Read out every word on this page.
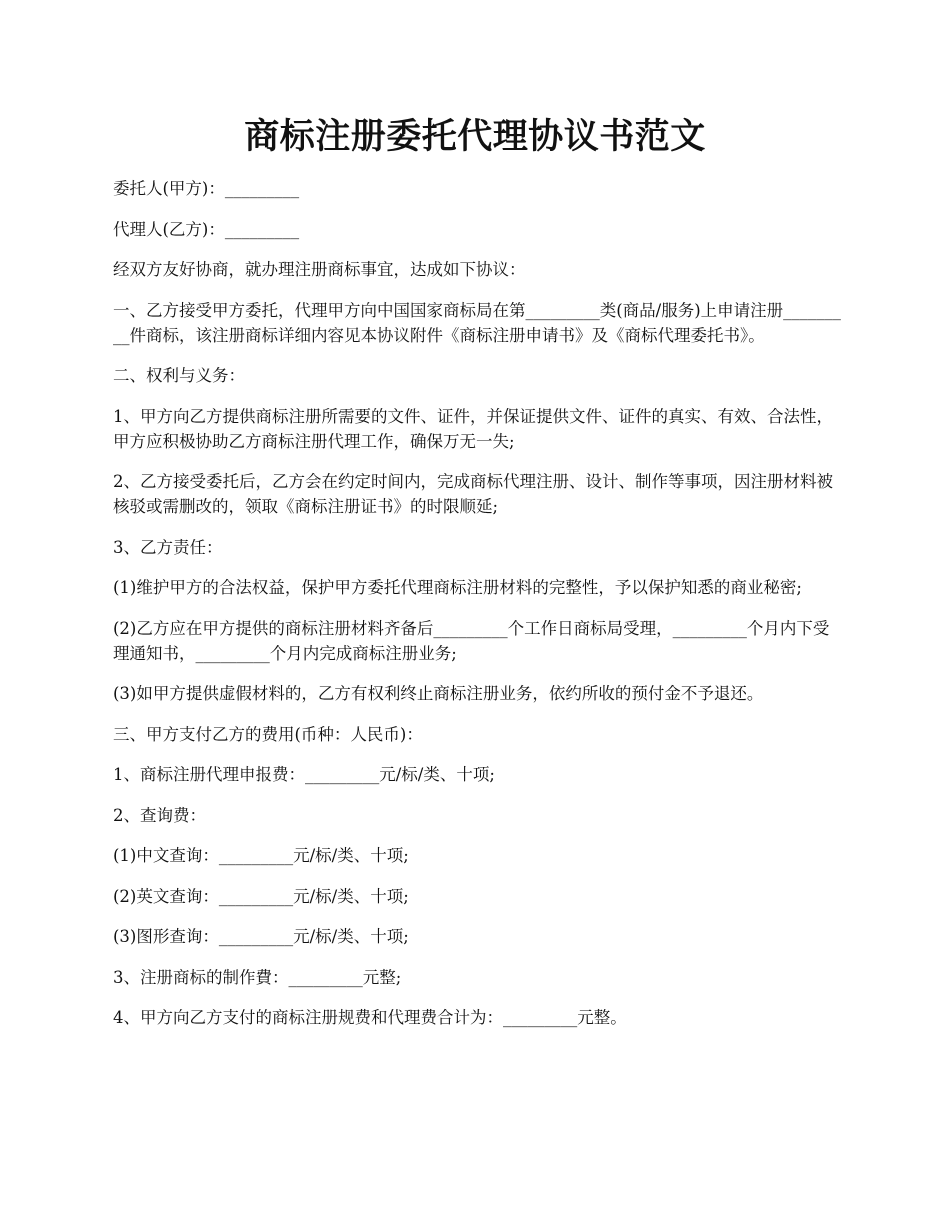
商标注册委托代理协议书范文

委托人(甲方)：_________

代理人(乙方)：_________

经双方友好协商，就办理注册商标事宜，达成如下协议：

一、乙方接受甲方委托，代理甲方向中国国家商标局在第_________类(商品/服务)上申请注册_________件商标，该注册商标详细内容见本协议附件《商标注册申请书》及《商标代理委托书》。

二、权利与义务：

1、甲方向乙方提供商标注册所需要的文件、证件，并保证提供文件、证件的真实、有效、合法性，甲方应积极协助乙方商标注册代理工作，确保万无一失;

2、乙方接受委托后，乙方会在约定时间内，完成商标代理注册、设计、制作等事项，因注册材料被核驳或需删改的，领取《商标注册证书》的时限顺延;

3、乙方责任：

(1)维护甲方的合法权益，保护甲方委托代理商标注册材料的完整性，予以保护知悉的商业秘密;

(2)乙方应在甲方提供的商标注册材料齐备后_________个工作日商标局受理，_________个月内下受理通知书，_________个月内完成商标注册业务;

(3)如甲方提供虚假材料的，乙方有权利终止商标注册业务，依约所收的预付金不予退还。

三、甲方支付乙方的费用(币种：人民币)：

1、商标注册代理申报费：_________元/标/类、十项;

2、查询费：

(1)中文查询：_________元/标/类、十项;

(2)英文查询：_________元/标/类、十项;

(3)图形查询：_________元/标/类、十项;

3、注册商标的制作費：_________元整;

4、甲方向乙方支付的商标注册规费和代理费合计为：_________元整。
